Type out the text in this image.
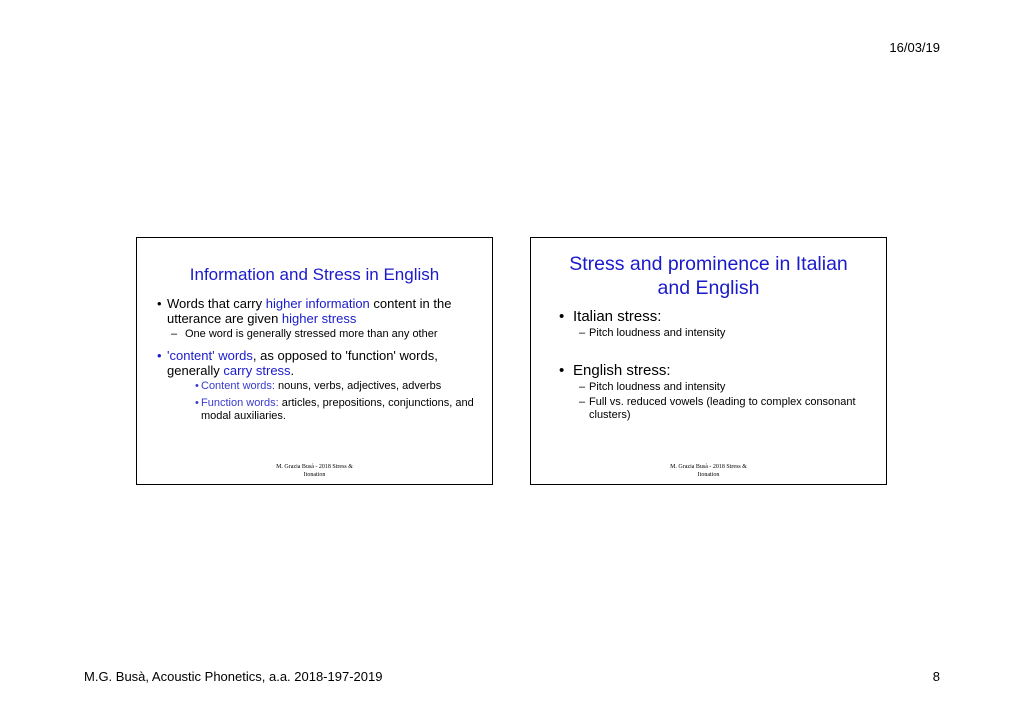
16/03/19
Information and Stress in English
• Words that carry higher information content in the utterance are given higher stress
– One word is generally stressed more than any other
• 'content' words, as opposed to 'function' words, generally carry stress.
• Content words: nouns, verbs, adjectives, adverbs
• Function words: articles, prepositions, conjunctions, and modal auxiliaries.
M. Grazia Busà - 2018 Stress &
Itonation
Stress and prominence in Italian
and English
• Italian stress:
– Pitch loudness and intensity
• English stress:
– Pitch loudness and intensity
– Full vs. reduced vowels (leading to complex consonant clusters)
M. Grazia Busà - 2018 Stress &
Itonation
M.G. Busà, Acoustic Phonetics, a.a. 2018-197-2019	8
